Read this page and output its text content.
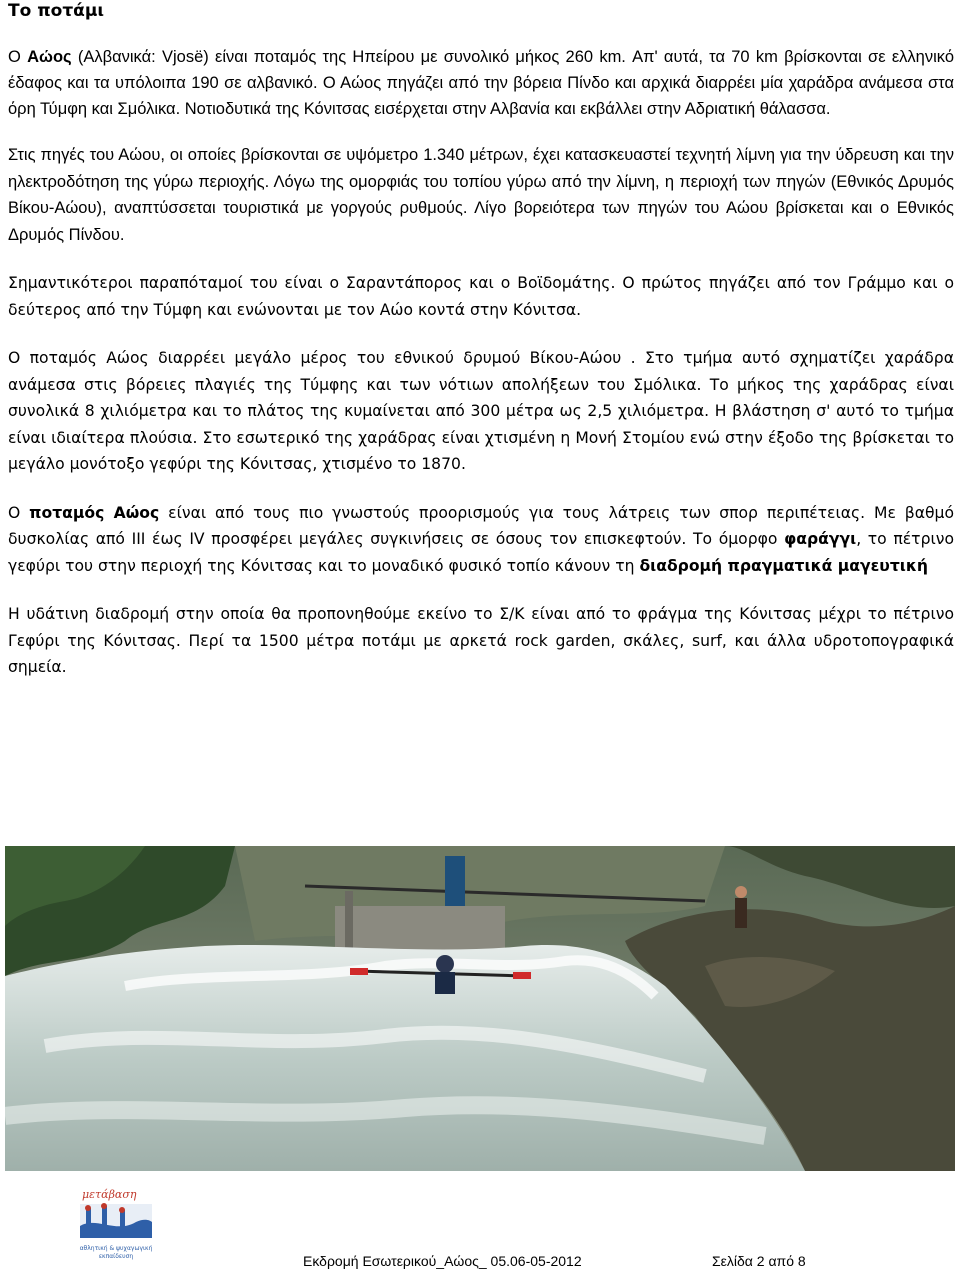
Το ποτάμι

Ο Αώος (Αλβανικά: Vjosë) είναι ποταμός της Ηπείρου με συνολικό μήκος 260 km. Απ' αυτά, τα 70 km βρίσκονται σε ελληνικό έδαφος και τα υπόλοιπα 190 σε αλβανικό. Ο Αώος πηγάζει από την βόρεια Πίνδο και αρχικά διαρρέει μία χαράδρα ανάμεσα στα όρη Τύμφη και Σμόλικα. Νοτιοδυτικά της Κόνιτσας εισέρχεται στην Αλβανία και εκβάλλει στην Αδριατική θάλασσα.

Στις πηγές του Αώου, οι οποίες βρίσκονται σε υψόμετρο 1.340 μέτρων, έχει κατασκευαστεί τεχνητή λίμνη για την ύδρευση και την ηλεκτροδότηση της γύρω περιοχής. Λόγω της ομορφιάς του τοπίου γύρω από την λίμνη, η περιοχή των πηγών (Εθνικός Δρυμός Βίκου-Αώου), αναπτύσσεται τουριστικά με γοργούς ρυθμούς. Λίγο βορειότερα των πηγών του Αώου βρίσκεται και ο Εθνικός Δρυμός Πίνδου.

Σημαντικότεροι παραπόταμοί του είναι ο Σαραντάπορος και ο Βοϊδομάτης. Ο πρώτος πηγάζει από τον Γράμμο και ο δεύτερος από την Τύμφη και ενώνονται με τον Αώο κοντά στην Κόνιτσα.

Ο ποταμός Αώος διαρρέει μεγάλο μέρος του εθνικού δρυμού Βίκου-Αώου . Στο τμήμα αυτό σχηματίζει χαράδρα ανάμεσα στις βόρειες πλαγιές της Τύμφης και των νότιων απολήξεων του Σμόλικα. Το μήκος της χαράδρας είναι συνολικά 8 χιλιόμετρα και το πλάτος της κυμαίνεται από 300 μέτρα ως 2,5 χιλιόμετρα. Η βλάστηση σ' αυτό το τμήμα είναι ιδιαίτερα πλούσια. Στο εσωτερικό της χαράδρας είναι χτισμένη η Μονή Στομίου ενώ στην έξοδο της βρίσκεται το μεγάλο μονότοξο γεφύρι της Κόνιτσας, χτισμένο το 1870.

Ο ποταμός Αώος είναι από τους πιο γνωστούς προορισμούς για τους λάτρεις των σπορ περιπέτειας. Με βαθμό δυσκολίας από ΙΙΙ έως ΙV προσφέρει μεγάλες συγκινήσεις σε όσους τον επισκεφτούν. Το όμορφο φαράγγι, το πέτρινο γεφύρι του στην περιοχή της Κόνιτσας και το μοναδικό φυσικό τοπίο κάνουν τη διαδρομή πραγματικά μαγευτική

Η υδάτινη διαδρομή στην οποία θα προπονηθούμε εκείνο το Σ/Κ είναι από το φράγμα της Κόνιτσας μέχρι το πέτρινο Γεφύρι της Κόνιτσας. Περί τα 1500 μέτρα ποτάμι με αρκετά rock garden, σκάλες, surf, και άλλα υδροτοπογραφικά σημεία.

μετάβαση
αθλητική & ψυχαγωγική
εκπαίδευση	Εκδρομή Εσωτερικού_Αώος_ 05.06-05-2012	Σελίδα 2 από 8
